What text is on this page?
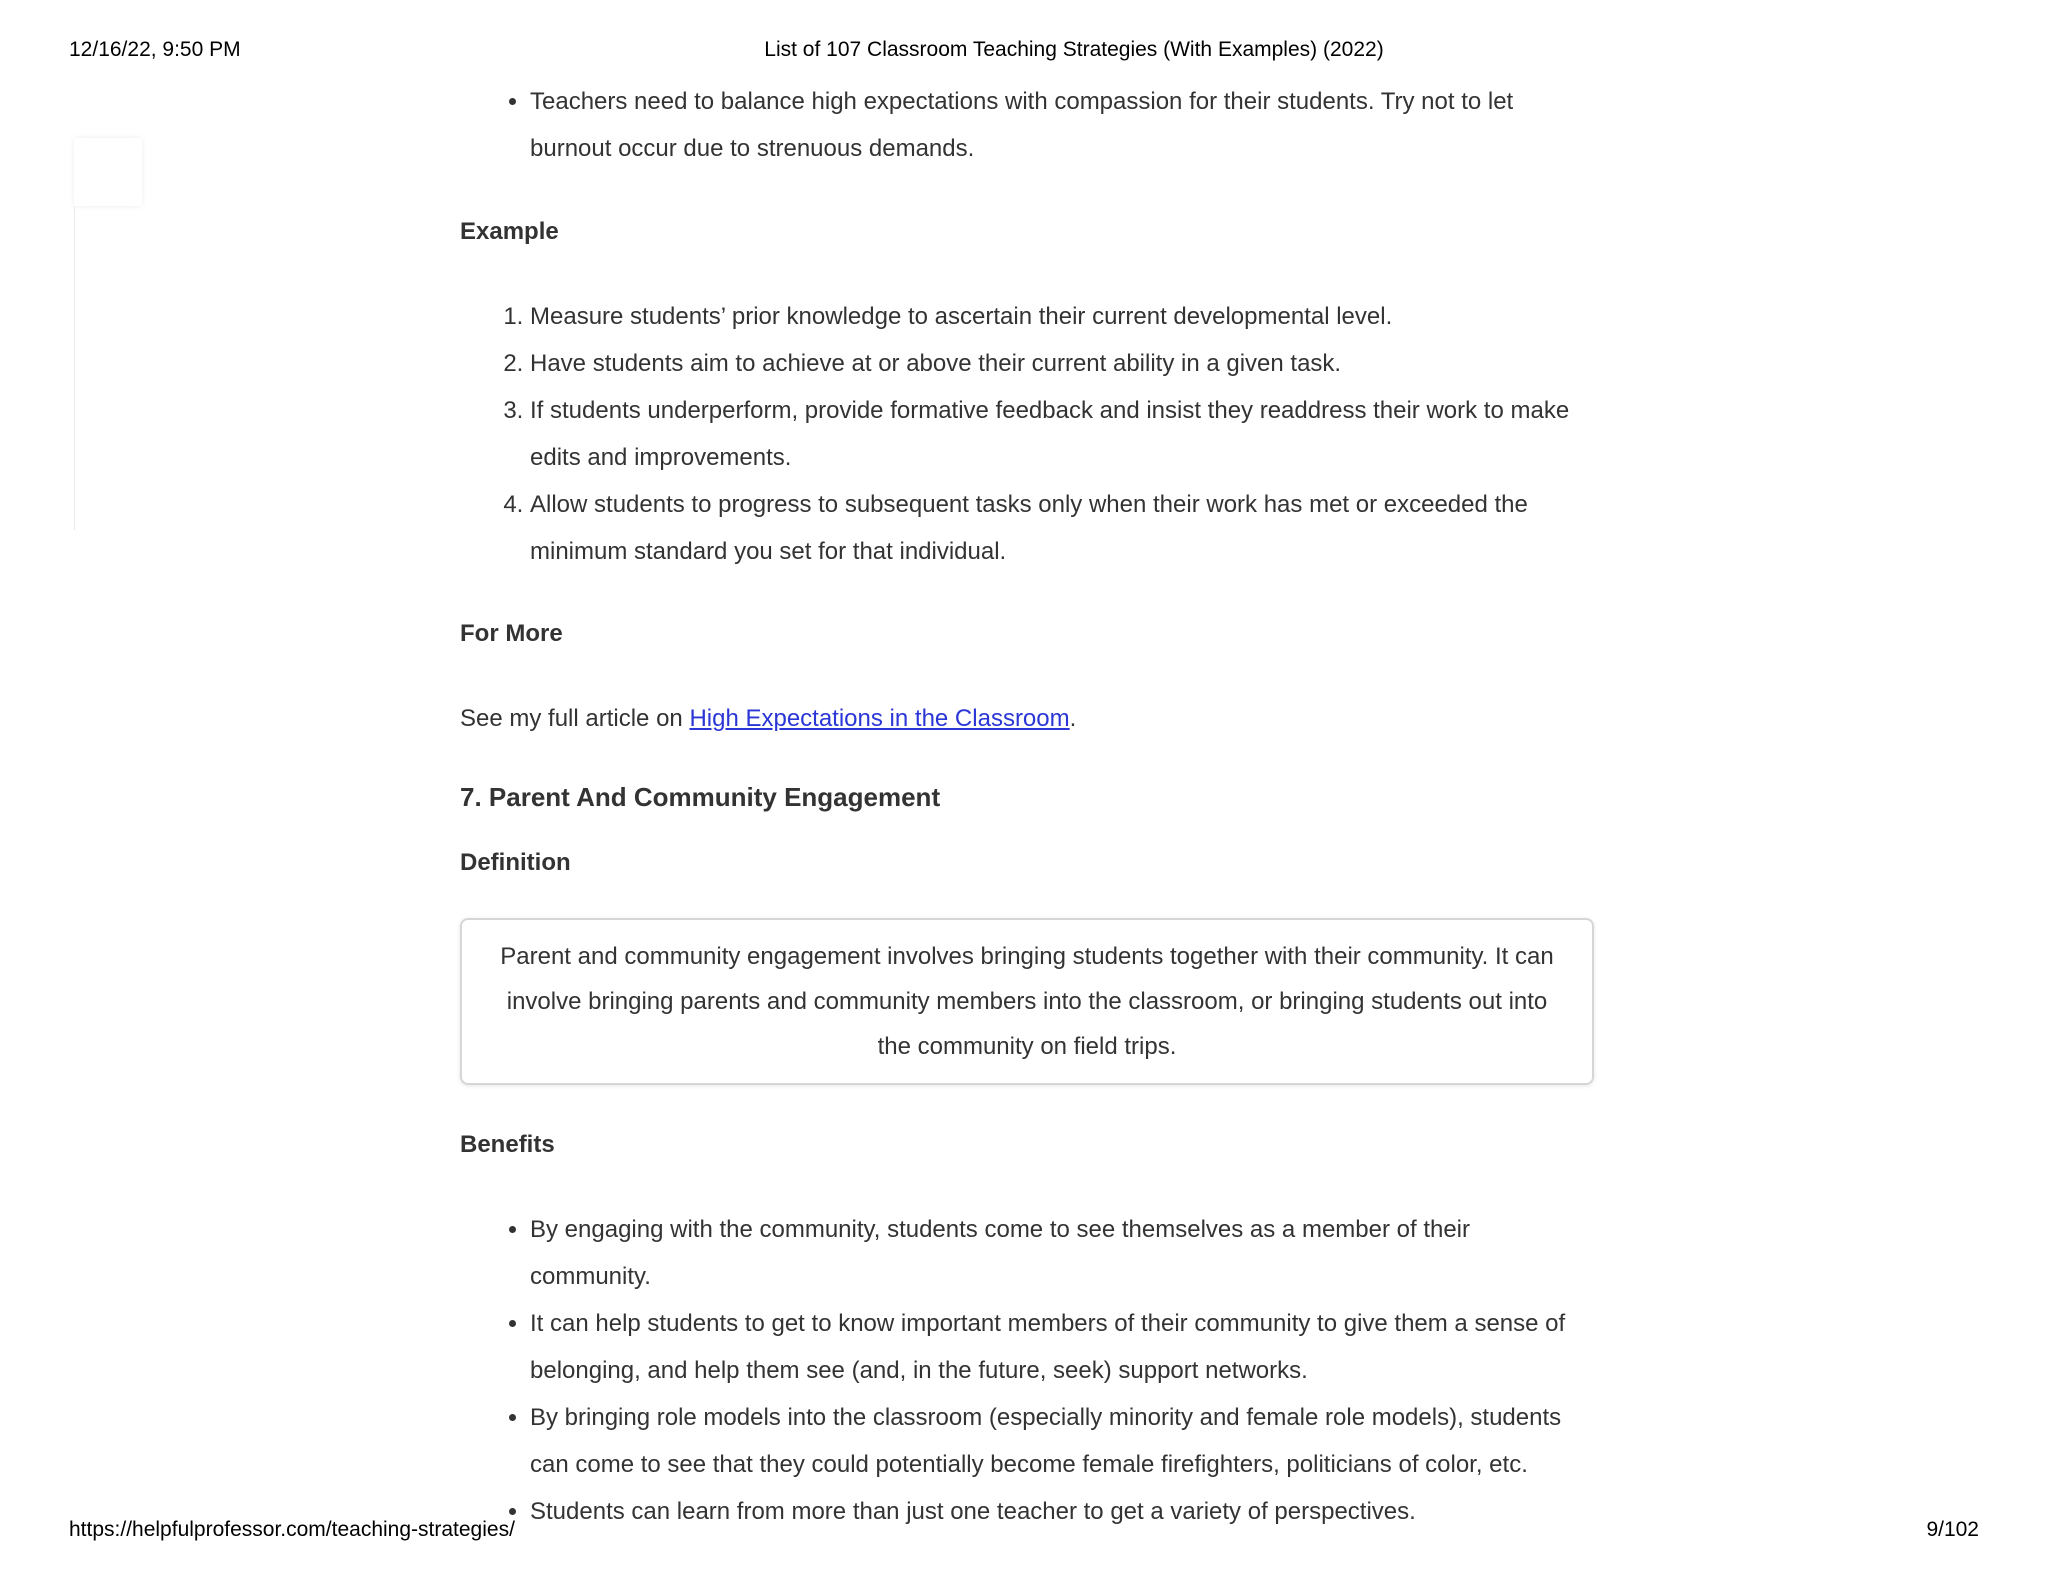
12/16/22, 9:50 PM	List of 107 Classroom Teaching Strategies (With Examples) (2022)
• Teachers need to balance high expectations with compassion for their students. Try not to let burnout occur due to strenuous demands.
Example
1. Measure students’ prior knowledge to ascertain their current developmental level.
2. Have students aim to achieve at or above their current ability in a given task.
3. If students underperform, provide formative feedback and insist they readdress their work to make edits and improvements.
4. Allow students to progress to subsequent tasks only when their work has met or exceeded the minimum standard you set for that individual.
For More

See my full article on High Expectations in the Classroom.

7. Parent And Community Engagement
Definition
Parent and community engagement involves bringing students together with their community. It can involve bringing parents and community members into the classroom, or bringing students out into the community on field trips.
Benefits
• By engaging with the community, students come to see themselves as a member of their community.
• It can help students to get to know important members of their community to give them a sense of belonging, and help them see (and, in the future, seek) support networks.
• By bringing role models into the classroom (especially minority and female role models), students can come to see that they could potentially become female firefighters, politicians of color, etc.
• Students can learn from more than just one teacher to get a variety of perspectives.
https://helpfulprofessor.com/teaching-strategies/	9/102
